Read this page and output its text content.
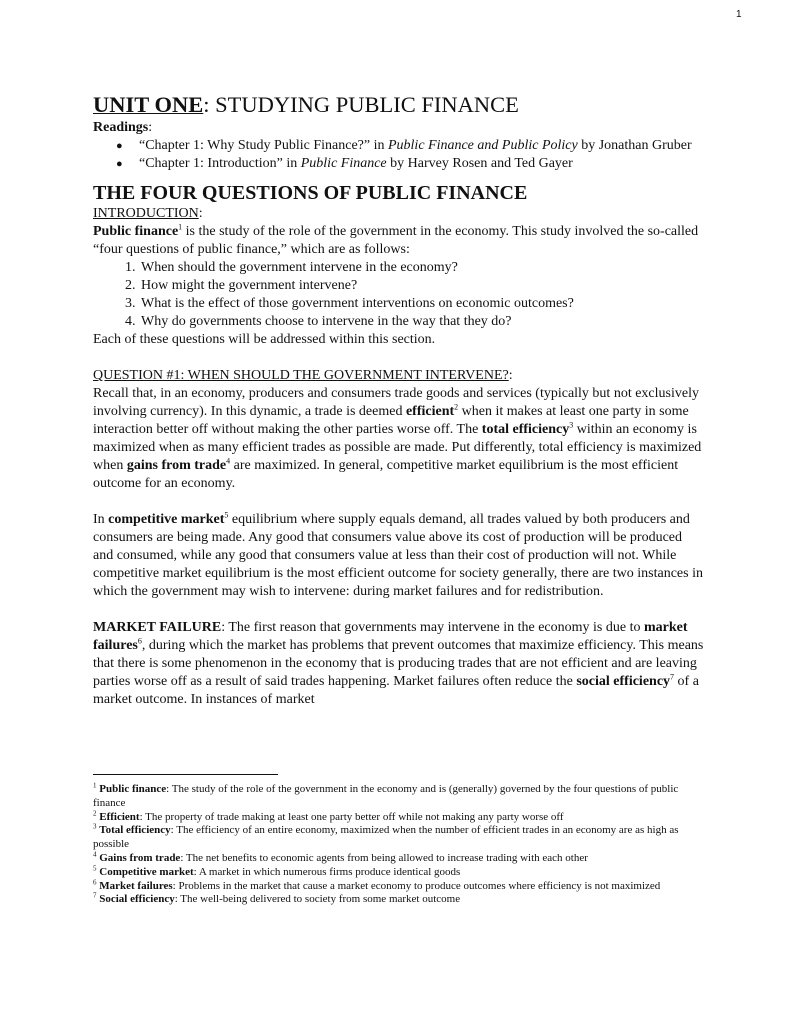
1
UNIT ONE: STUDYING PUBLIC FINANCE
Readings:
● “Chapter 1: Why Study Public Finance?” in Public Finance and Public Policy by Jonathan Gruber
● “Chapter 1: Introduction” in Public Finance by Harvey Rosen and Ted Gayer
THE FOUR QUESTIONS OF PUBLIC FINANCE
INTRODUCTION:

Public finance$^1$ is the study of the role of the government in the economy. This study involved the so-called “four questions of public finance,” which are as follows:

1. When should the government intervene in the economy?
2. How might the government intervene?
3. What is the effect of those government interventions on economic outcomes?
4. Why do governments choose to intervene in the way that they do?

Each of these questions will be addressed within this section.

QUESTION #1: WHEN SHOULD THE GOVERNMENT INTERVENE?:

Recall that, in an economy, producers and consumers trade goods and services (typically but not exclusively involving currency). In this dynamic, a trade is deemed efficient$^2$ when it makes at least one party in some interaction better off without making the other parties worse off. The total efficiency$^3$ within an economy is maximized when as many efficient trades as possible are made. Put differently, total efficiency is maximized when gains from trade$^4$ are maximized. In general, competitive market equilibrium is the most efficient outcome for an economy.

In competitive market$^5$ equilibrium where supply equals demand, all trades valued by both producers and consumers are being made. Any good that consumers value above its cost of production will be produced and consumed, while any good that consumers value at less than their cost of production will not. While competitive market equilibrium is the most efficient outcome for society generally, there are two instances in which the government may wish to intervene: during market failures and for redistribution.

MARKET FAILURE: The first reason that governments may intervene in the economy is due to market failures$^6$, during which the market has problems that prevent outcomes that maximize efficiency. This means that there is some phenomenon in the economy that is producing trades that are not efficient and are leaving parties worse off as a result of said trades happening. Market failures often reduce the social efficiency$^7$ of a market outcome. In instances of market

$^1$ Public finance: The study of the role of the government in the economy and is (generally) governed by the four questions of public finance
$^2$ Efficient: The property of trade making at least one party better off while not making any party worse off
$^3$ Total efficiency: The efficiency of an entire economy, maximized when the number of efficient trades in an economy are as high as possible
$^4$ Gains from trade: The net benefits to economic agents from being allowed to increase trading with each other
$^5$ Competitive market: A market in which numerous firms produce identical goods
$^6$ Market failures: Problems in the market that cause a market economy to produce outcomes where efficiency is not maximized
$^7$ Social efficiency: The well-being delivered to society from some market outcome
